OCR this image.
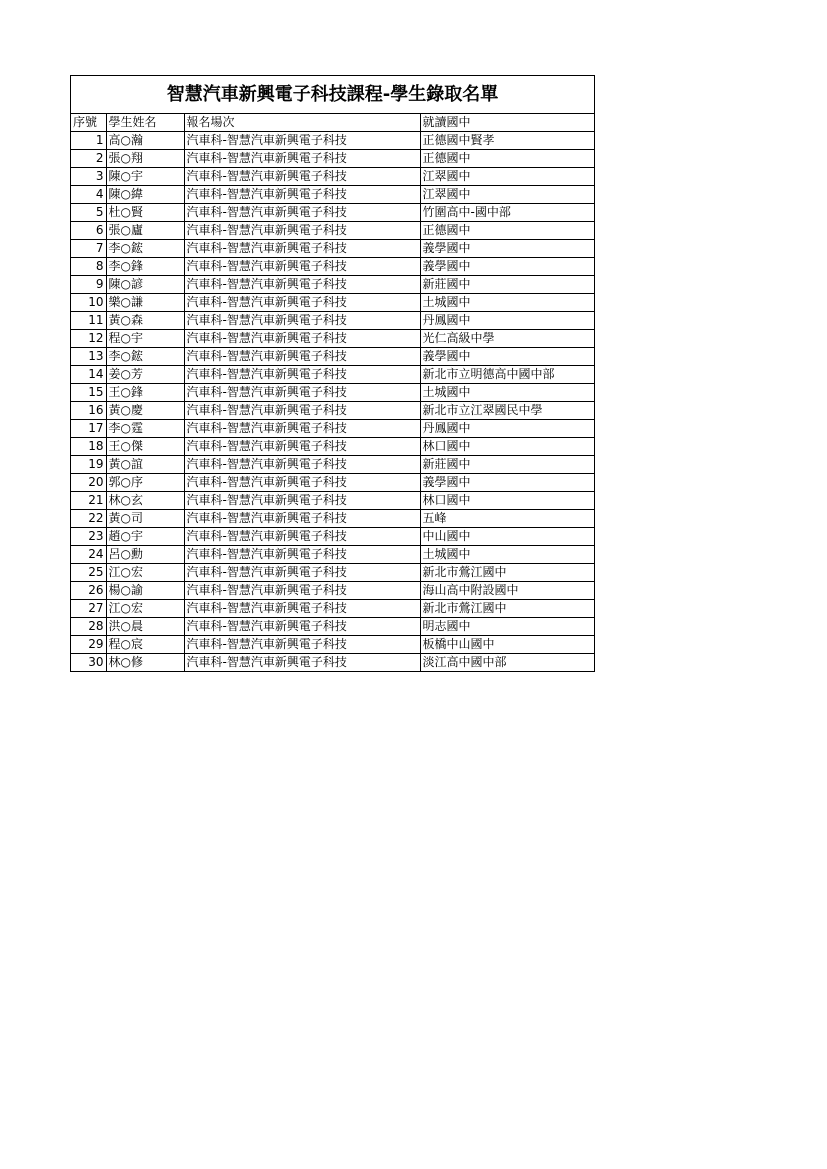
智慧汽車新興電子科技課程-學生錄取名單
序號	學生姓名	報名場次	就讀國中
1	高○瀚	汽車科-智慧汽車新興電子科技	正德國中賢孝
2	張○翔	汽車科-智慧汽車新興電子科技	正德國中
3	陳○宇	汽車科-智慧汽車新興電子科技	江翠國中
4	陳○緯	汽車科-智慧汽車新興電子科技	江翠國中
5	杜○賢	汽車科-智慧汽車新興電子科技	竹圍高中-國中部
6	張○廬	汽車科-智慧汽車新興電子科技	正德國中
7	李○鋐	汽車科-智慧汽車新興電子科技	義學國中
8	李○鋒	汽車科-智慧汽車新興電子科技	義學國中
9	陳○諺	汽車科-智慧汽車新興電子科技	新莊國中
10	樂○謙	汽車科-智慧汽車新興電子科技	土城國中
11	黃○森	汽車科-智慧汽車新興電子科技	丹鳳國中
12	程○宇	汽車科-智慧汽車新興電子科技	光仁高級中學
13	李○鋐	汽車科-智慧汽車新興電子科技	義學國中
14	姜○芳	汽車科-智慧汽車新興電子科技	新北市立明德高中國中部
15	王○鋒	汽車科-智慧汽車新興電子科技	土城國中
16	黃○慶	汽車科-智慧汽車新興電子科技	新北市立江翠國民中學
17	李○霆	汽車科-智慧汽車新興電子科技	丹鳳國中
18	王○傑	汽車科-智慧汽車新興電子科技	林口國中
19	黃○誼	汽車科-智慧汽車新興電子科技	新莊國中
20	郭○序	汽車科-智慧汽車新興電子科技	義學國中
21	林○玄	汽車科-智慧汽車新興電子科技	林口國中
22	黃○司	汽車科-智慧汽車新興電子科技	五峰
23	趙○宇	汽車科-智慧汽車新興電子科技	中山國中
24	呂○勳	汽車科-智慧汽車新興電子科技	土城國中
25	江○宏	汽車科-智慧汽車新興電子科技	新北市鶯江國中
26	楊○諭	汽車科-智慧汽車新興電子科技	海山高中附設國中
27	江○宏	汽車科-智慧汽車新興電子科技	新北市鶯江國中
28	洪○晨	汽車科-智慧汽車新興電子科技	明志國中
29	程○宸	汽車科-智慧汽車新興電子科技	板橋中山國中
30	林○修	汽車科-智慧汽車新興電子科技	淡江高中國中部
